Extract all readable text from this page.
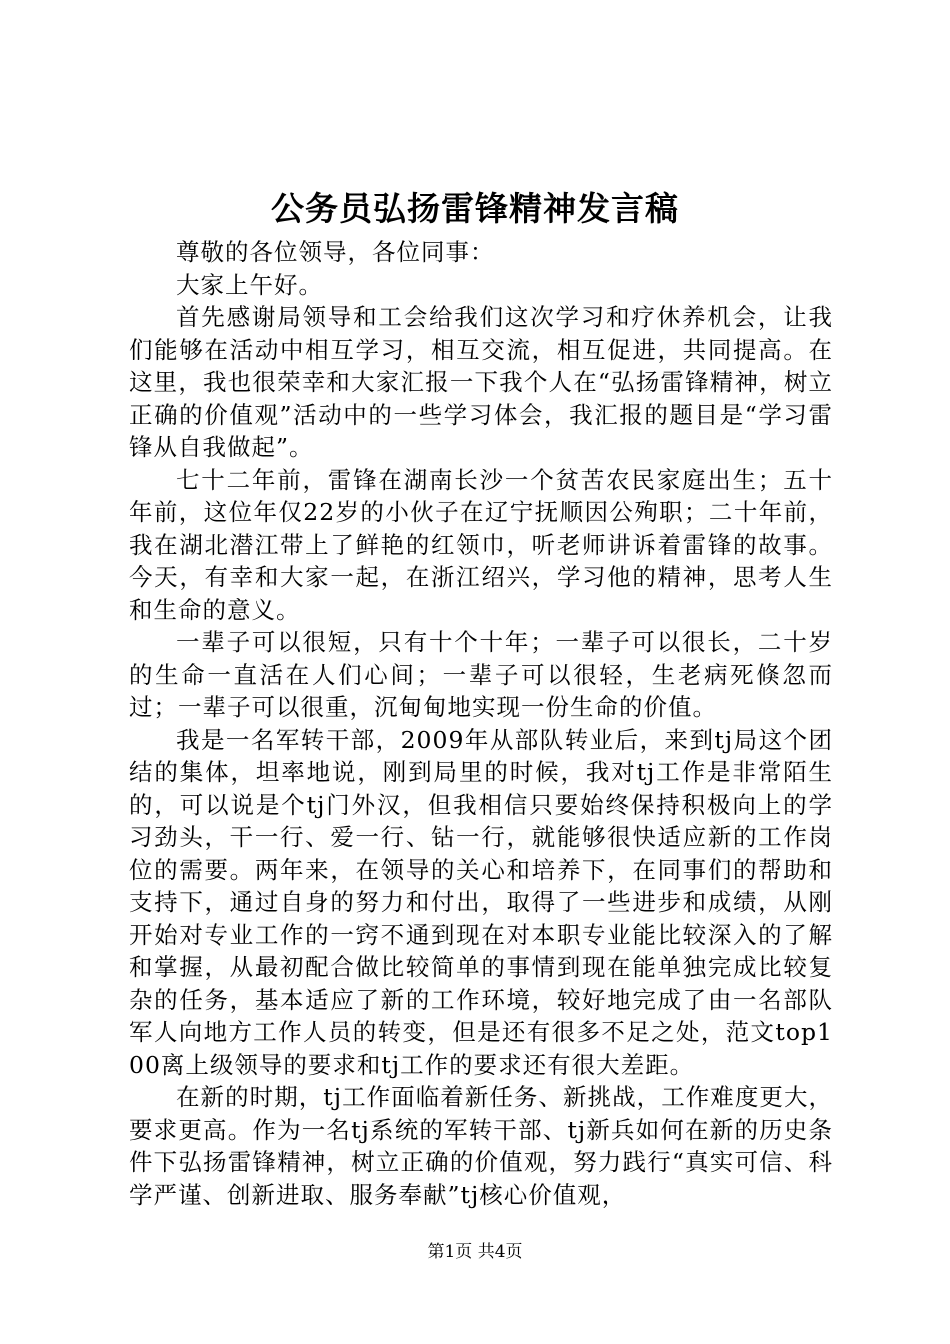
公务员弘扬雷锋精神发言稿

尊敬的各位领导，各位同事：

大家上午好。

首先感谢局领导和工会给我们这次学习和疗休养机会，让我们能够在活动中相互学习，相互交流，相互促进，共同提高。在这里，我也很荣幸和大家汇报一下我个人在“弘扬雷锋精神，树立正确的价值观”活动中的一些学习体会，我汇报的题目是“学习雷锋从自我做起”。

七十二年前，雷锋在湖南长沙一个贫苦农民家庭出生；五十年前，这位年仅22岁的小伙子在辽宁抚顺因公殉职；二十年前，我在湖北潜江带上了鲜艳的红领巾，听老师讲诉着雷锋的故事。今天，有幸和大家一起，在浙江绍兴，学习他的精神，思考人生和生命的意义。

一辈子可以很短，只有十个十年；一辈子可以很长，二十岁的生命一直活在人们心间；一辈子可以很轻，生老病死倏忽而过；一辈子可以很重，沉甸甸地实现一份生命的价值。

我是一名军转干部，2009年从部队转业后，来到tj局这个团结的集体，坦率地说，刚到局里的时候，我对tj工作是非常陌生的，可以说是个tj门外汉，但我相信只要始终保持积极向上的学习劲头，干一行、爱一行、钻一行，就能够很快适应新的工作岗位的需要。两年来，在领导的关心和培养下，在同事们的帮助和支持下，通过自身的努力和付出，取得了一些进步和成绩，从刚开始对专业工作的一窍不通到现在对本职专业能比较深入的了解和掌握，从最初配合做比较简单的事情到现在能单独完成比较复杂的任务，基本适应了新的工作环境，较好地完成了由一名部队军人向地方工作人员的转变，但是还有很多不足之处，范文top100离上级领导的要求和tj工作的要求还有很大差距。

在新的时期，tj工作面临着新任务、新挑战，工作难度更大，要求更高。作为一名tj系统的军转干部、tj新兵如何在新的历史条件下弘扬雷锋精神，树立正确的价值观，努力践行“真实可信、科学严谨、创新进取、服务奉献”tj核心价值观，

第1页 共4页
